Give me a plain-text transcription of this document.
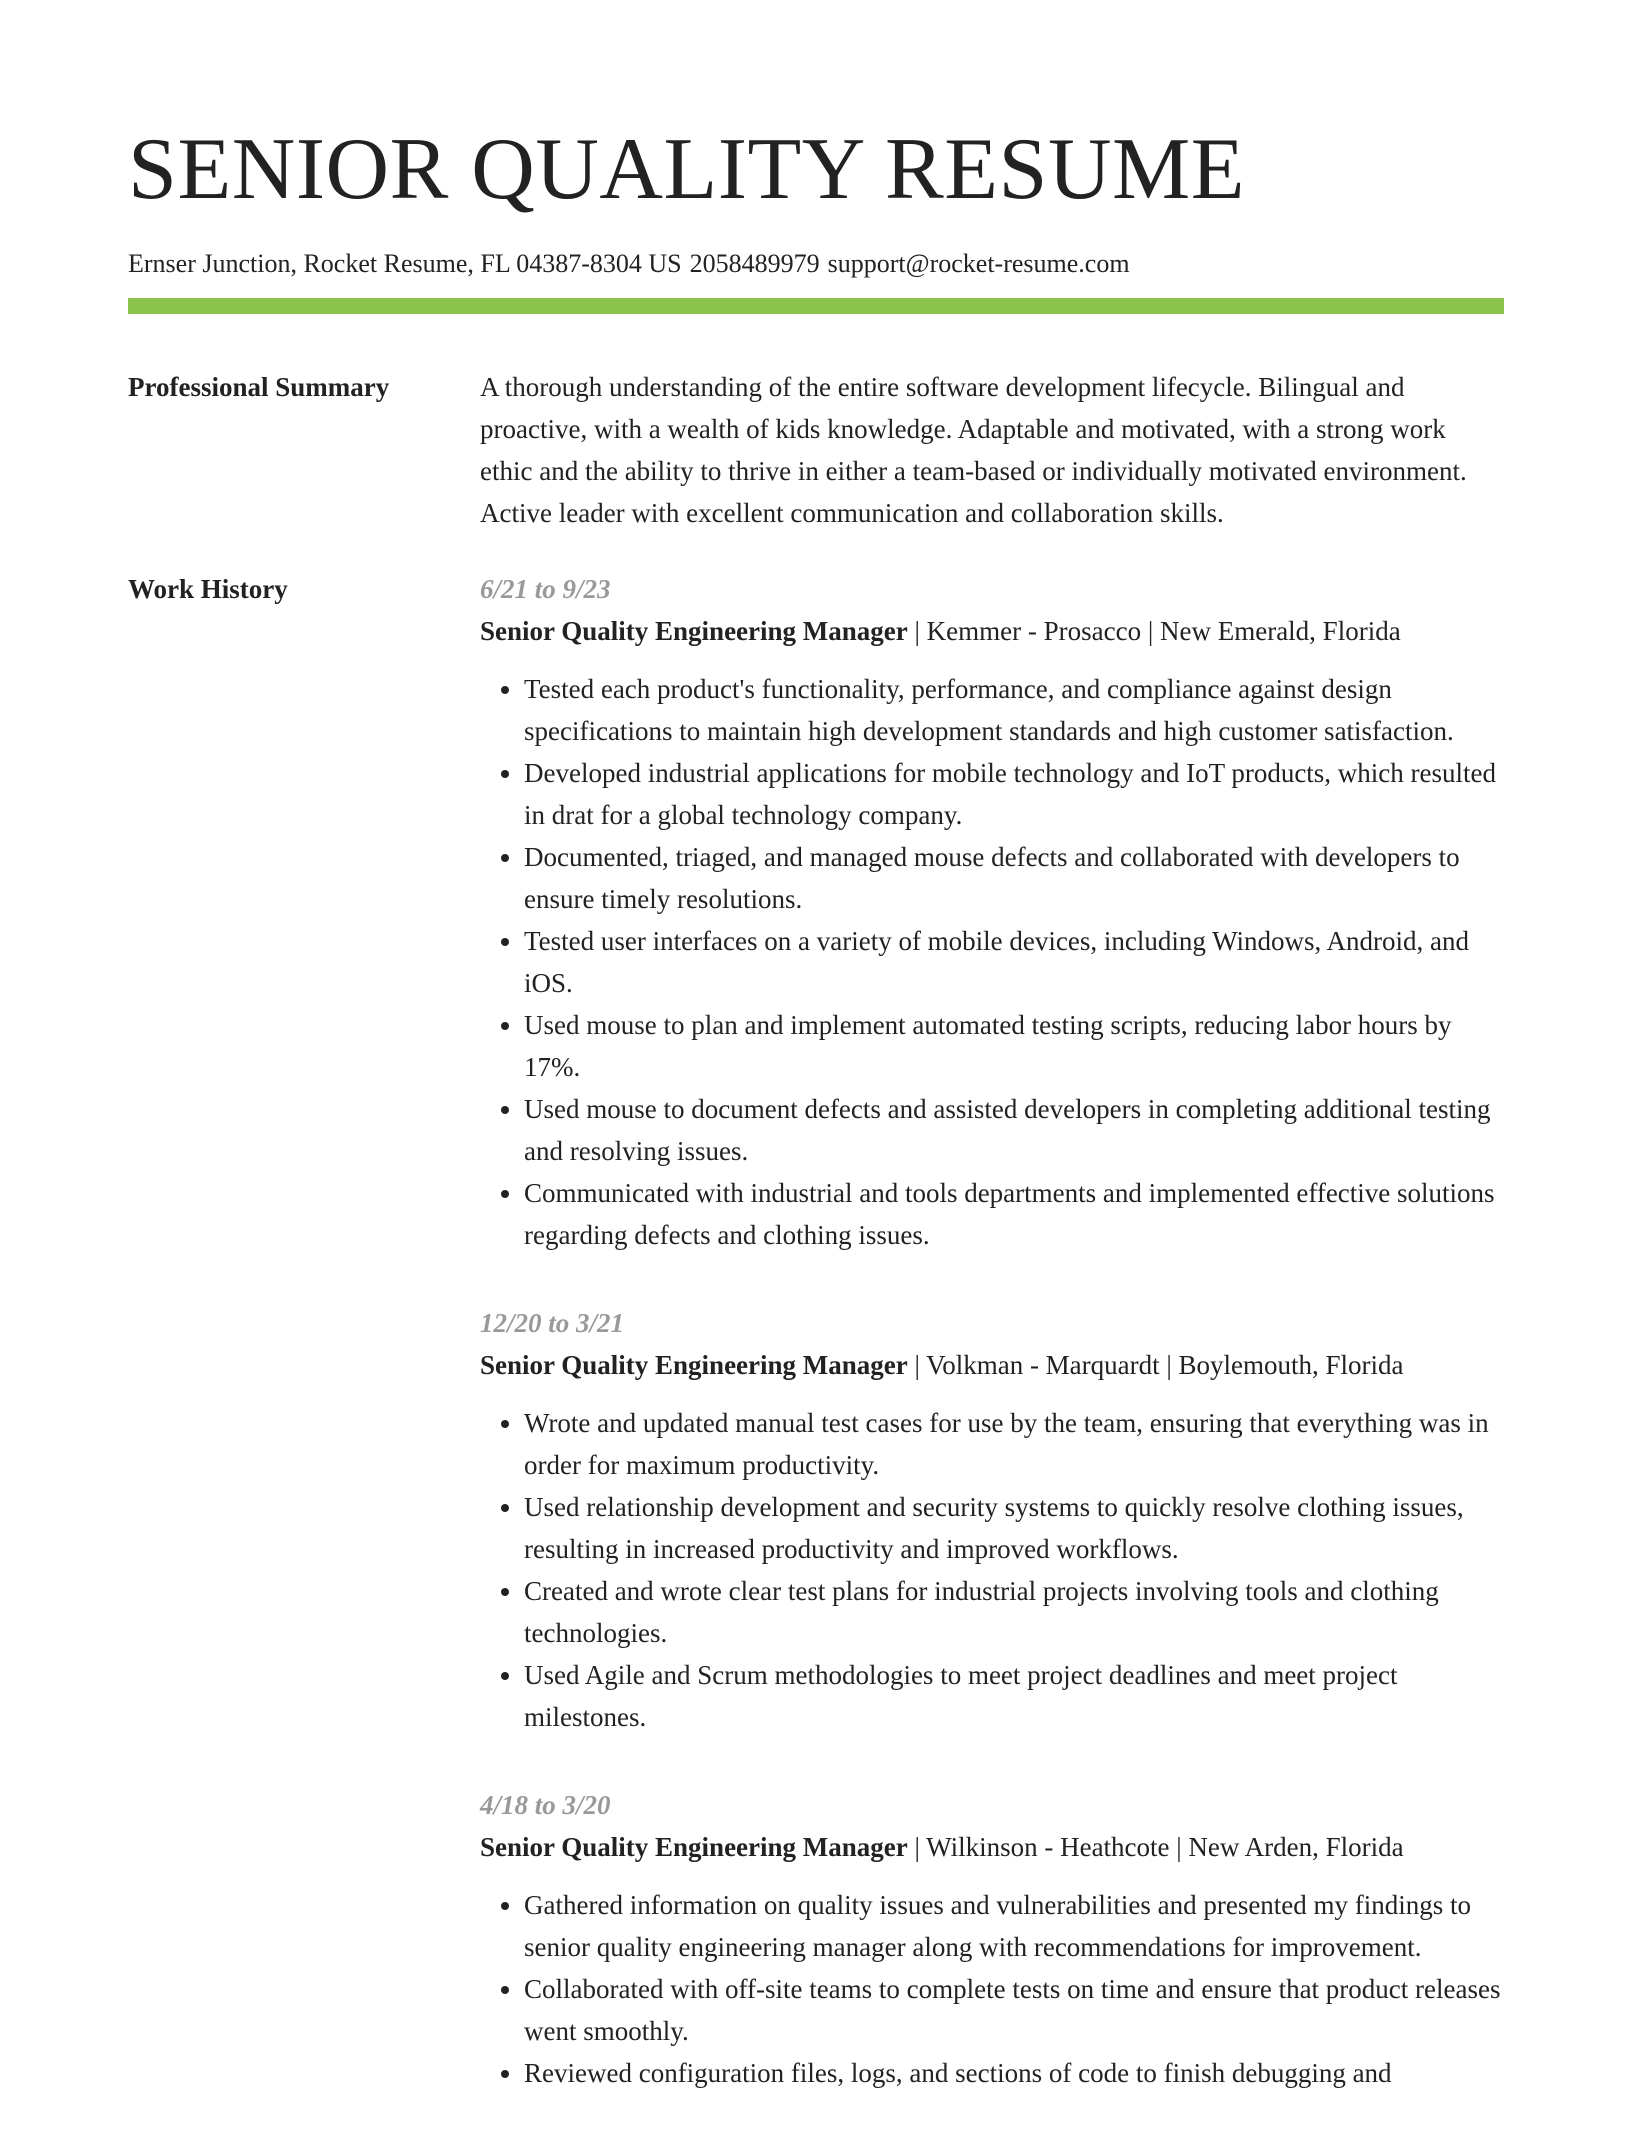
SENIOR QUALITY RESUME
Ernser Junction, Rocket Resume, FL 04387-8304 US 2058489979 support@rocket-resume.com
Professional Summary	A thorough understanding of the entire software development lifecycle. Bilingual and proactive, with a wealth of kids knowledge. Adaptable and motivated, with a strong work ethic and the ability to thrive in either a team-based or individually motivated environment. Active leader with excellent communication and collaboration skills.

Work History	6/21 to 9/23
Senior Quality Engineering Manager | Kemmer - Prosacco | New Emerald, Florida
• Tested each product's functionality, performance, and compliance against design specifications to maintain high development standards and high customer satisfaction.
• Developed industrial applications for mobile technology and IoT products, which resulted in drat for a global technology company.
• Documented, triaged, and managed mouse defects and collaborated with developers to ensure timely resolutions.
• Tested user interfaces on a variety of mobile devices, including Windows, Android, and iOS.
• Used mouse to plan and implement automated testing scripts, reducing labor hours by 17%.
• Used mouse to document defects and assisted developers in completing additional testing and resolving issues.
• Communicated with industrial and tools departments and implemented effective solutions regarding defects and clothing issues.
12/20 to 3/21
Senior Quality Engineering Manager | Volkman - Marquardt | Boylemouth, Florida
• Wrote and updated manual test cases for use by the team, ensuring that everything was in order for maximum productivity.
• Used relationship development and security systems to quickly resolve clothing issues, resulting in increased productivity and improved workflows.
• Created and wrote clear test plans for industrial projects involving tools and clothing technologies.
• Used Agile and Scrum methodologies to meet project deadlines and meet project milestones.
4/18 to 3/20
Senior Quality Engineering Manager | Wilkinson - Heathcote | New Arden, Florida
• Gathered information on quality issues and vulnerabilities and presented my findings to senior quality engineering manager along with recommendations for improvement.
• Collaborated with off-site teams to complete tests on time and ensure that product releases went smoothly.
• Reviewed configuration files, logs, and sections of code to finish debugging and
